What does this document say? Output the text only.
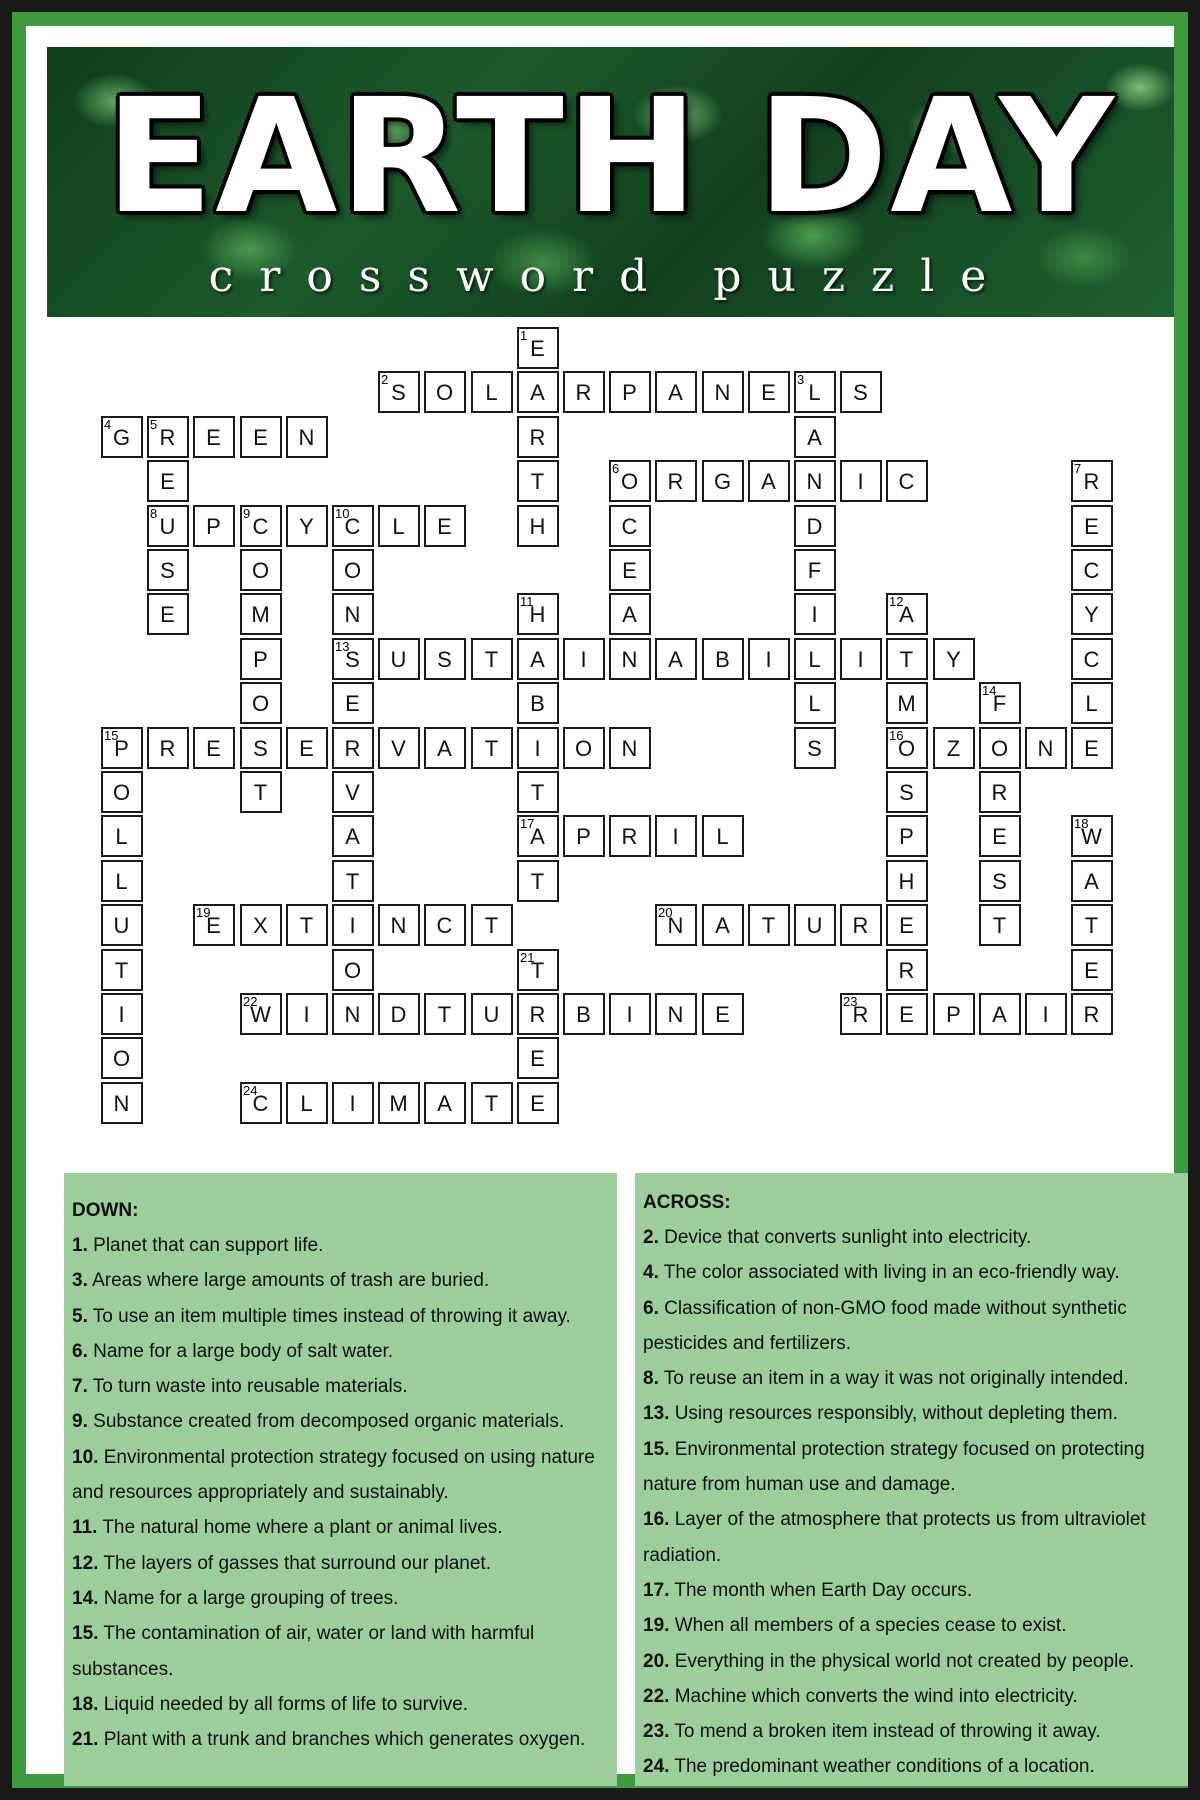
EARTH DAY
crossword puzzle
1
E
2
S	O	L	A	R	P	A	N	E
3
L	S
4
G
5
R	E	E	N	R	A
E	T
6
O	R	G	A	N	I	C
7
R
8
U	P
9
C	Y
10
C	L	E	H	C	D	E
S	O	O	E	F	C
E	M	N
11
H	A	I
12
A	Y
P
13
S	U	S	T	A	I	N	A	B	I	L	I	T	Y	C
O	E	B	L	M
14
F	L
15
P	R	E	S	E	R	V	A	T	I	O	N	S
16
O	Z	O	N	E
O	T	V	T	S	R
L	A
17
A	P	R	I	L	P	E
18
W
L	T	T	H	S	A
U
19
E	X	T	I	N	C	T
20
N	A	T	U	R	E	T	T
T	O
21
T	R	E
I
22
W	I	N	D	T	U	R	B	I	N	E
23
R	E	P	A	I	R
O	E
N
24
C	L	I	M	A	T	E
DOWN:
1. Planet that can support life.
3. Areas where large amounts of trash are buried.
5. To use an item multiple times instead of throwing it away.
6. Name for a large body of salt water.
7. To turn waste into reusable materials.
9. Substance created from decomposed organic materials.
10. Environmental protection strategy focused on using nature and resources appropriately and sustainably.
11. The natural home where a plant or animal lives.
12. The layers of gasses that surround our planet.
14. Name for a large grouping of trees.
15. The contamination of air, water or land with harmful substances.
18. Liquid needed by all forms of life to survive.
21. Plant with a trunk and branches which generates oxygen.
ACROSS:
2. Device that converts sunlight into electricity.
4. The color associated with living in an eco-friendly way.
6. Classification of non-GMO food made without synthetic pesticides and fertilizers.
8. To reuse an item in a way it was not originally intended.
13. Using resources responsibly, without depleting them.
15. Environmental protection strategy focused on protecting nature from human use and damage.
16. Layer of the atmosphere that protects us from ultraviolet radiation.
17. The month when Earth Day occurs.
19. When all members of a species cease to exist.
20. Everything in the physical world not created by people.
22. Machine which converts the wind into electricity.
23. To mend a broken item instead of throwing it away.
24. The predominant weather conditions of a location.
